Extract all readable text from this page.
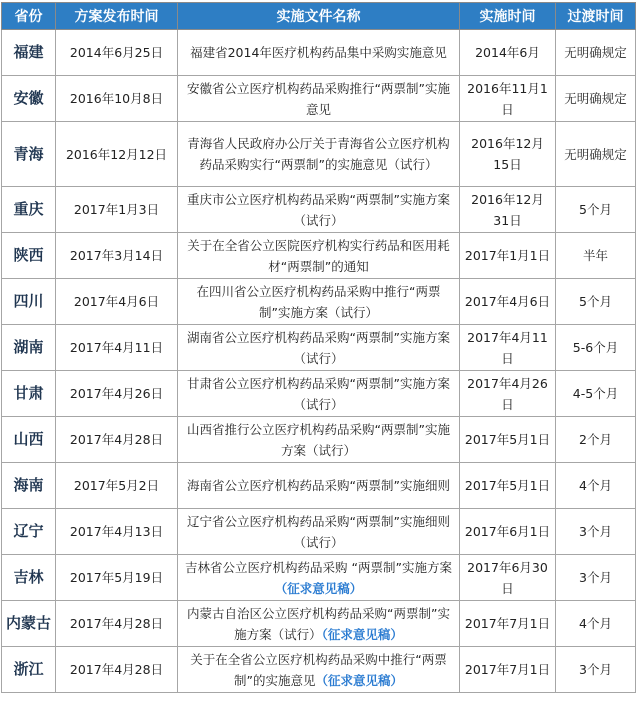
省份	方案发布时间	实施文件名称	实施时间	过渡时间
福建	2014年6月25日	福建省2014年医疗机构药品集中采购实施意见	2014年6月	无明确规定
安徽	2016年10月8日	安徽省公立医疗机构药品采购推行“两票制”实施意见	2016年11月1日	无明确规定
青海	2016年12月12日	青海省人民政府办公厅关于青海省公立医疗机构药品采购实行“两票制”的实施意见（试行）	2016年12月15日	无明确规定
重庆	2017年1月3日	重庆市公立医疗机构药品采购“两票制”实施方案（试行）	2016年12月31日	5个月
陕西	2017年3月14日	关于在全省公立医院医疗机构实行药品和医用耗材“两票制”的通知	2017年1月1日	半年
四川	2017年4月6日	在四川省公立医疗机构药品采购中推行“两票制”实施方案（试行）	2017年4月6日	5个月
湖南	2017年4月11日	湖南省公立医疗机构药品采购“两票制”实施方案（试行）	2017年4月11日	5-6个月
甘肃	2017年4月26日	甘肃省公立医疗机构药品采购“两票制”实施方案（试行）	2017年4月26日	4-5个月
山西	2017年4月28日	山西省推行公立医疗机构药品采购“两票制”实施方案（试行）	2017年5月1日	2个月
海南	2017年5月2日	海南省公立医疗机构药品采购“两票制”实施细则	2017年5月1日	4个月
辽宁	2017年4月13日	辽宁省公立医疗机构药品采购“两票制”实施细则（试行）	2017年6月1日	3个月
吉林	2017年5月19日	吉林省公立医疗机构药品采购 “两票制”实施方案（征求意见稿）	2017年6月30日	3个月
内蒙古	2017年4月28日	内蒙古自治区公立医疗机构药品采购“两票制”实施方案（试行）（征求意见稿）	2017年7月1日	4个月
浙江	2017年4月28日	关于在全省公立医疗机构药品采购中推行“两票制”的实施意见（征求意见稿）	2017年7月1日	3个月
